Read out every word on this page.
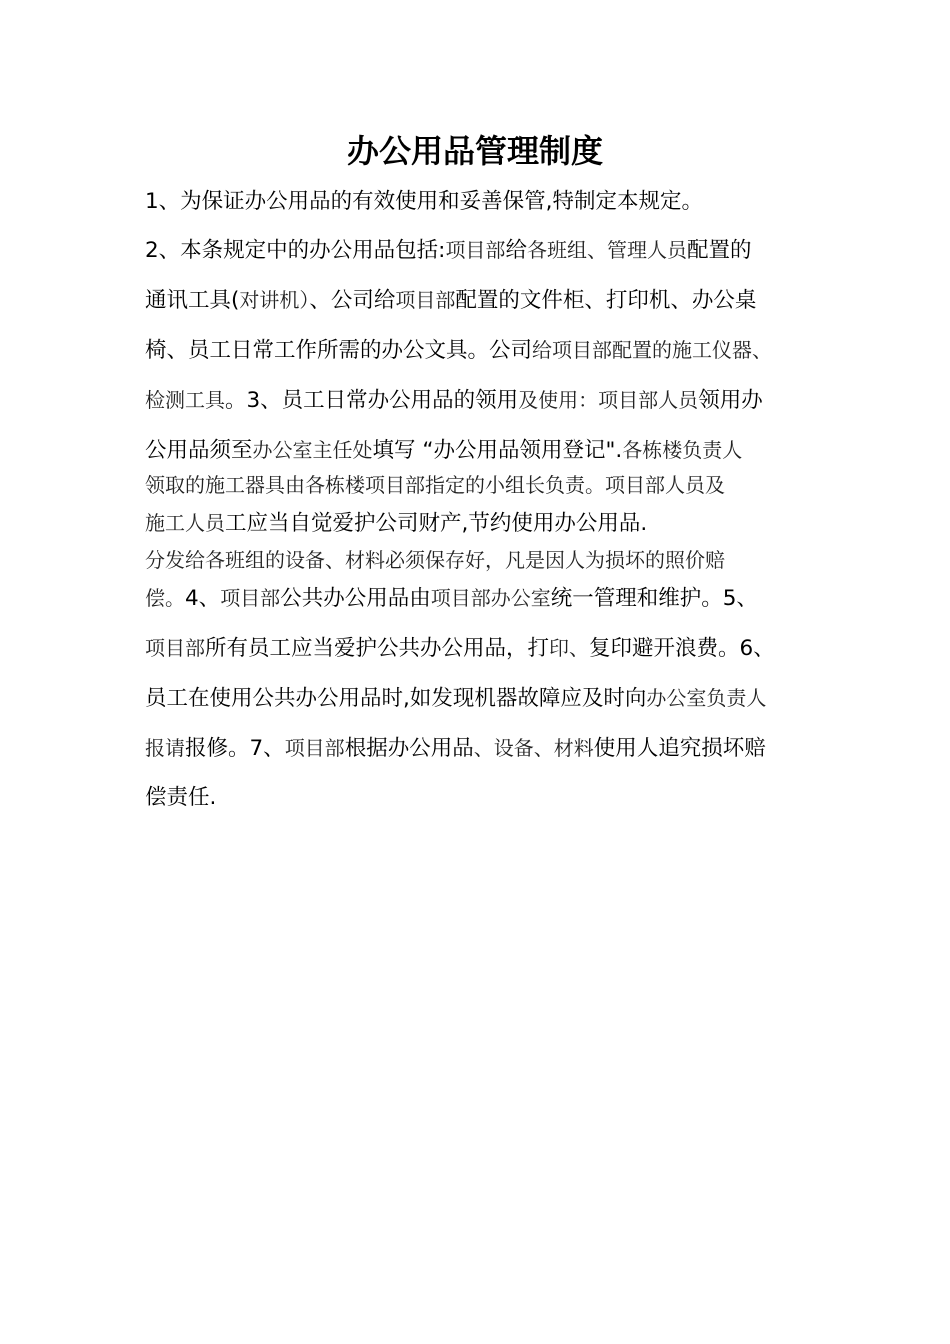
办公用品管理制度

1、为保证办公用品的有效使用和妥善保管,特制定本规定。

2、本条规定中的办公用品包括:项目部给各班组、管理人员配置的

通讯工具(对讲机）、公司给项目部配置的文件柜、打印机、办公桌

椅、员工日常工作所需的办公文具。公司给项目部配置的施工仪器、

检测工具。3、员工日常办公用品的领用及使用：项目部人员领用办

公用品须至办公室主任处填写 “办公用品领用登记".各栋楼负责人

领取的施工器具由各栋楼项目部指定的小组长负责。项目部人员及

施工人员工应当自觉爱护公司财产,节约使用办公用品.

分发给各班组的设备、材料必须保存好，凡是因人为损坏的照价赔

偿。4、项目部公共办公用品由项目部办公室统一管理和维护。5、

项目部所有员工应当爱护公共办公用品，打印、复印避开浪费。6、

员工在使用公共办公用品时,如发现机器故障应及时向办公室负责人

报请报修。7、项目部根据办公用品、设备、材料使用人追究损坏赔

偿责任.
